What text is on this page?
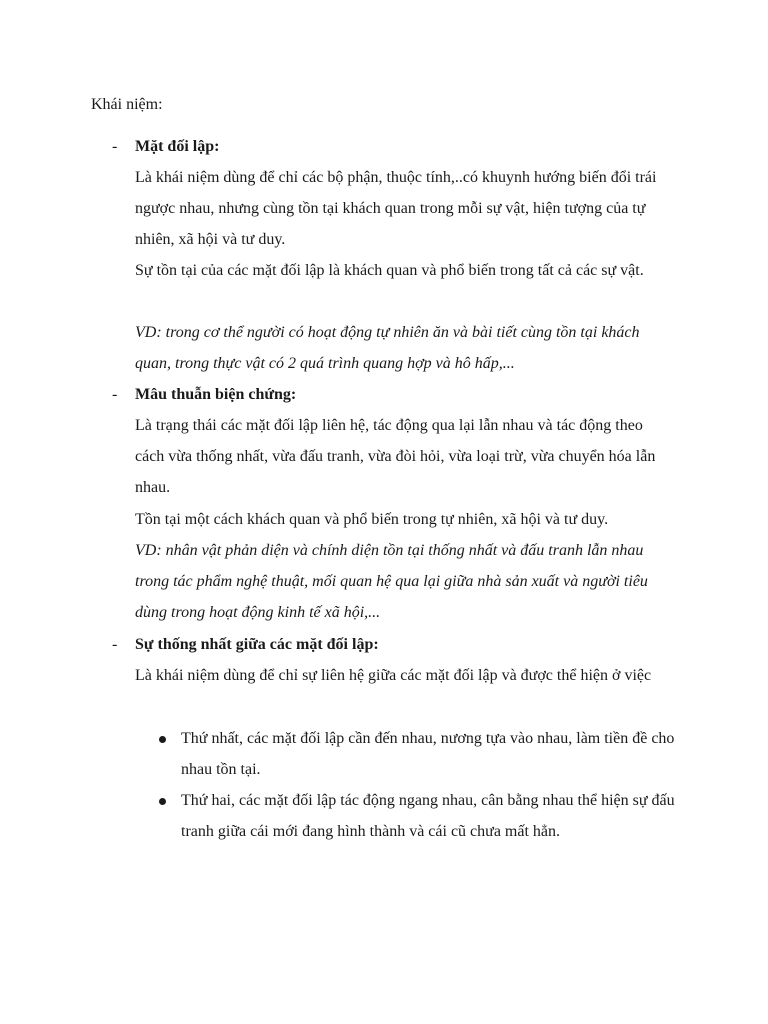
Khái niệm:

-	Mặt đối lập:

Là khái niệm dùng để chỉ các bộ phận, thuộc tính,..có khuynh hướng biến đổi trái ngược nhau, nhưng cùng tồn tại khách quan trong mỗi sự vật, hiện tượng của tự nhiên, xã hội và tư duy.

Sự tồn tại của các mặt đối lập là khách quan và phổ biến trong tất cả các sự vật.

VD: trong cơ thể người có hoạt động tự nhiên ăn và bài tiết cùng tồn tại khách quan, trong thực vật có 2 quá trình quang hợp và hô hấp,...

-	Mâu thuẫn biện chứng:

Là trạng thái các mặt đối lập liên hệ, tác động qua lại lẫn nhau và tác động theo cách vừa thống nhất, vừa đấu tranh, vừa đòi hỏi, vừa loại trừ, vừa chuyển hóa lẫn nhau.

Tồn tại một cách khách quan và phổ biến trong tự nhiên, xã hội và tư duy.

VD: nhân vật phản diện và chính diện tồn tại thống nhất và đấu tranh lẫn nhau trong tác phẩm nghệ thuật, mối quan hệ qua lại giữa nhà sản xuất và người tiêu dùng trong hoạt động kinh tế xã hội,...

-	Sự thống nhất giữa các mặt đối lập:

Là khái niệm dùng để chỉ sự liên hệ giữa các mặt đối lập và được thể hiện ở việc

Thứ nhất, các mặt đối lập cần đến nhau, nương tựa vào nhau, làm tiền đề cho nhau tồn tại.

Thứ hai, các mặt đối lập tác động ngang nhau, cân bằng nhau thể hiện sự đấu tranh giữa cái mới đang hình thành và cái cũ chưa mất hẳn.
